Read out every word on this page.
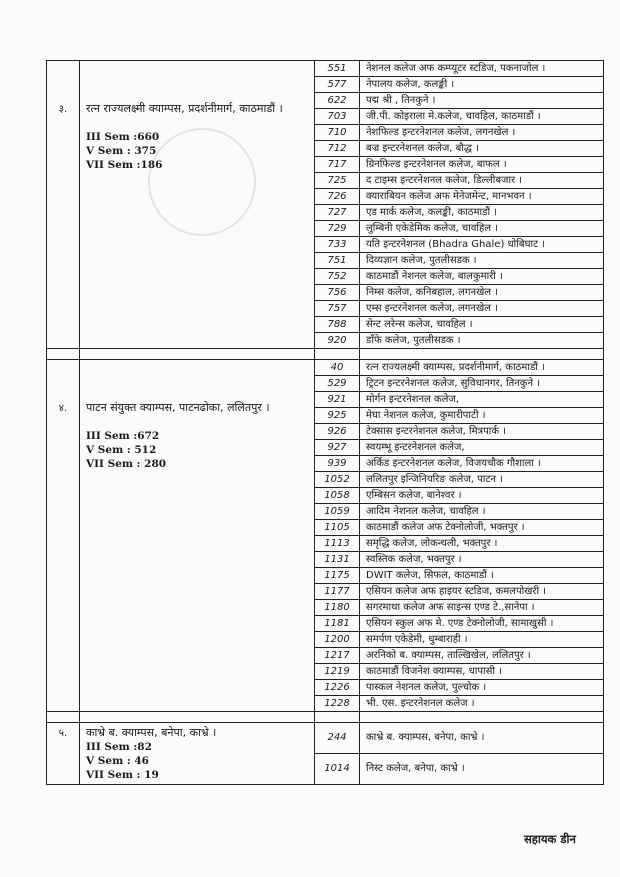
३.	रत्न राज्यलक्ष्मी क्याम्पस, प्रदर्शनीमार्ग, काठमाडौं ।
III Sem :660
V Sem : 375
VII Sem :186	551	नेशनल कलेज अफ कम्प्यूटर स्टडिज, पकनाजोल ।
		577	नेपालय कलेज, कलङ्की ।
		622	पद्म श्री , तिनकुने ।
		703	जी.पी. कोइराला मे.कलेज, चावहिल, काठमाडौं ।
		710	नेशफिल्ड इन्टरनेशनल कलेज, लगनखेल ।
		712	बज्र इन्टरनेशनल कलेज, बौद्ध ।
		717	ग्रिनफिल्ड इन्टरनेशनल कलेज, बाफल ।
		725	द टाइम्स इन्टरनेशनल कलेज, डिल्लीबजार ।
		726	क्याराबियन कलेज अफ मेनेजमेन्ट, मानभवन ।
		727	एड मार्क कलेज, कलङ्की, काठमाडौं ।
		729	लुम्बिनी एकेडेमिक कलेज, चावहिल ।
		733	यति इन्टरनेशनल (Bhadra Ghale) धोबिघाट ।
		751	दिव्यज्ञान कलेज, पुतलीसडक ।
		752	काठमाडौं नेशनल कलेज, बालकुमारी ।
		756	निम्स कलेज, कनिबहाल, लगनखेल ।
		757	एम्स इन्टरनेशनल कलेज, लगनखेल ।
		788	सेन्ट लरेन्स कलेज, चावहिल ।
		920	डाँफे कलेज, पुतलीसडक ।

४.	पाटन संयुक्त क्याम्पस, पाटनढोका, ललितपुर ।
III Sem :672
V Sem : 512
VII Sem : 280	40	रत्न राज्यलक्ष्मी क्याम्पस, प्रदर्शनीमार्ग, काठमाडौं ।
		529	ट्रिटन इन्टरनेशनल कलेज, सुविधानगर, तिनकुने ।
		921	मोर्गन इन्टरनेशनल कलेज,
		925	मेघा नेशनल कलेज, कुमारीपाटी ।
		926	टेक्सास इन्टरनेशनल कलेज, मित्रपार्क ।
		927	स्वयम्भू इन्टरनेशनल कलेज,
		939	अर्किड इन्टरनेशनल कलेज, विजयचौक गौशाला ।
		1052	ललितपुर इन्जिनियरिङ कलेज, पाटन ।
		1058	एम्बिसन कलेज, बानेश्वर ।
		1059	आदिम नेशनल कलेज, चावहिल ।
		1105	काठमाडौं कलेज अफ टेक्नोलोजी, भक्तपुर ।
		1113	समृद्धि कलेज, लोकन्थली, भक्तपुर ।
		1131	स्वस्तिक कलेज, भक्तपुर ।
		1175	DWIT कलेज, सिफल, काठमाडौं ।
		1177	एसियन कलेज अफ हाइयर स्टडिज, कमलपोखरी ।
		1180	सगरमाथा कलेज अफ साइन्स एण्ड टे.,सानेपा ।
		1181	एसियन स्कुल अफ मे. एण्ड टेक्नोलोजी, सामाखुसी ।
		1200	समर्पण एकेडेमी, धुम्बाराही ।
		1217	अरनिको ब. क्याम्पस, ताल्खिखेल, ललितपुर ।
		1219	काठमाडौं विजनेश क्याम्पस, धापासी ।
		1226	पास्कल नेशनल कलेज, पुल्चोक ।
		1228	भी. एस. इन्टरनेशनल कलेज ।

५.	काभ्रे ब. क्याम्पस, बनेपा, काभ्रे ।
III Sem :82
V Sem : 46
VII Sem : 19	244	काभ्रे ब. क्याम्पस, बनेपा, काभ्रे ।
		1014	निस्ट कलेज, बनेपा, काभ्रे ।
सहायक डीन
